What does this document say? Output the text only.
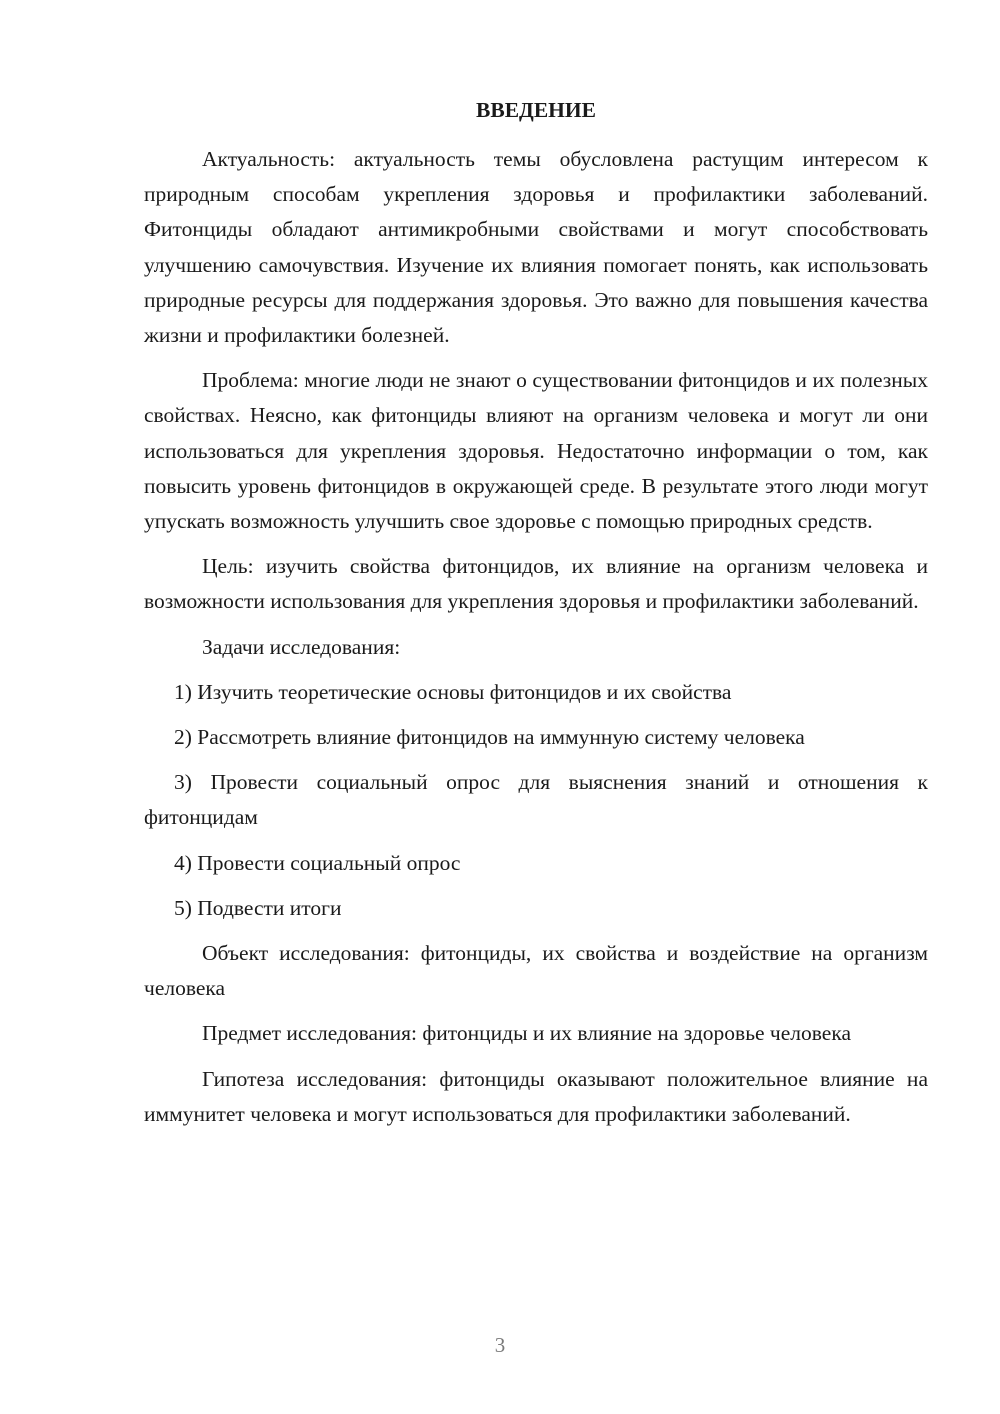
ВВЕДЕНИЕ

Актуальность: актуальность темы обусловлена растущим интересом к природным способам укрепления здоровья и профилактики заболеваний. Фитонциды обладают антимикробными свойствами и могут способствовать улучшению самочувствия. Изучение их влияния помогает понять, как использовать природные ресурсы для поддержания здоровья. Это важно для повышения качества жизни и профилактики болезней.

Проблема: многие люди не знают о существовании фитонцидов и их полезных свойствах. Неясно, как фитонциды влияют на организм человека и могут ли они использоваться для укрепления здоровья. Недостаточно информации о том, как повысить уровень фитонцидов в окружающей среде. В результате этого люди могут упускать возможность улучшить свое здоровье с помощью природных средств.

Цель: изучить свойства фитонцидов, их влияние на организм человека и возможности использования для укрепления здоровья и профилактики заболеваний.

Задачи исследования:

1) Изучить теоретические основы фитонцидов и их свойства

2) Рассмотреть влияние фитонцидов на иммунную систему человека

3) Провести социальный опрос для выяснения знаний и отношения к фитонцидам

4) Провести социальный опрос

5) Подвести итоги

Объект исследования: фитонциды, их свойства и воздействие на организм человека

Предмет исследования: фитонциды и их влияние на здоровье человека

Гипотеза исследования: фитонциды оказывают положительное влияние на иммунитет человека и могут использоваться для профилактики заболеваний.

3
